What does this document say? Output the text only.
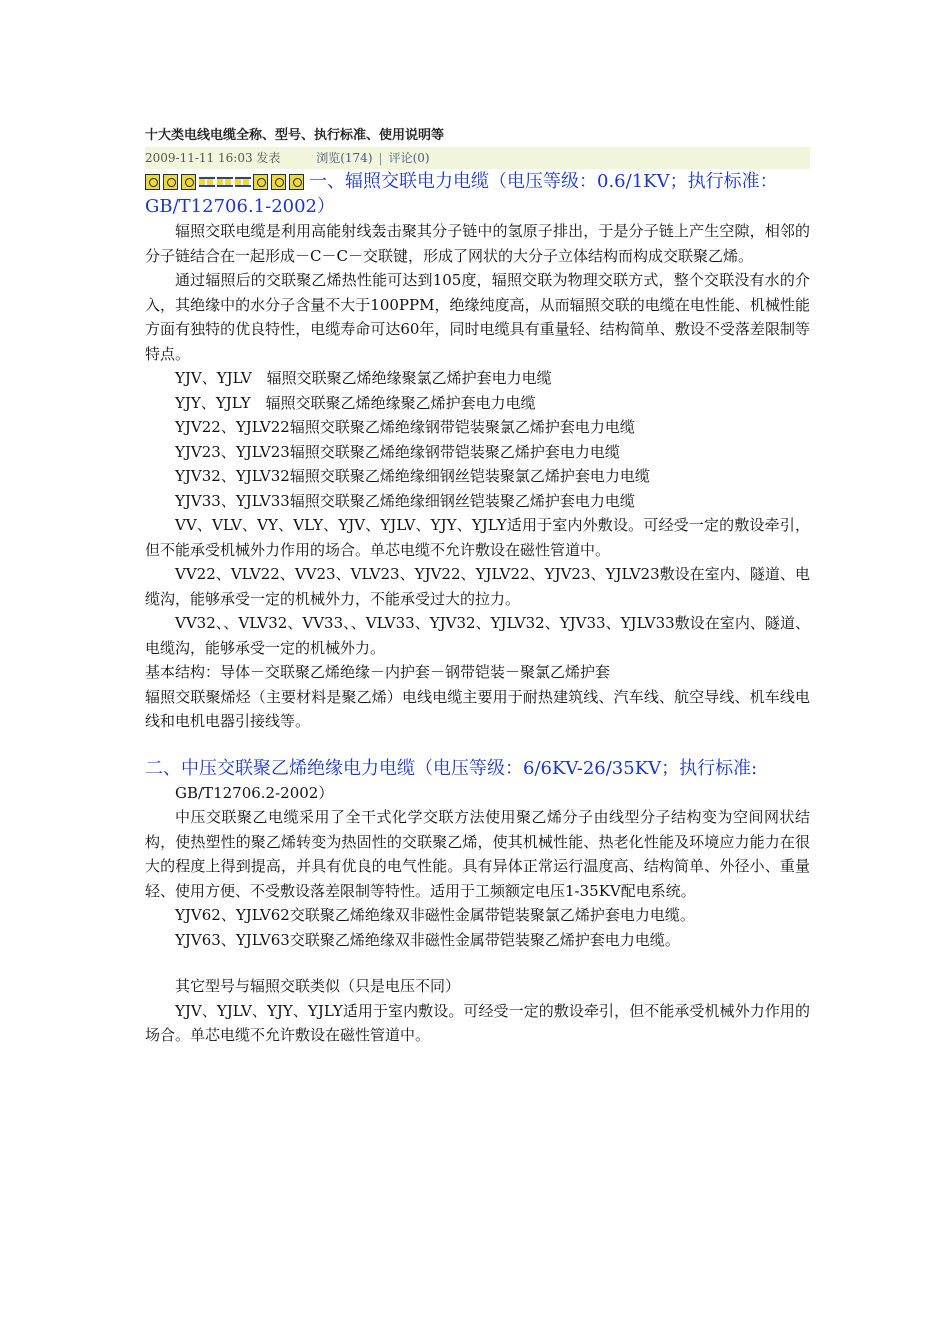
十大类电线电缆全称、型号、执行标准、使用说明等
2009-11-11 16:03 发表	浏览(174) | 评论(0)
一、辐照交联电力电缆（电压等级：0.6/1KV；执行标准：GB/T12706.1-2002）

辐照交联电缆是利用高能射线轰击聚其分子链中的氢原子排出，于是分子链上产生空隙，相邻的分子链结合在一起形成－C－C－交联键，形成了网状的大分子立体结构而构成交联聚乙烯。

通过辐照后的交联聚乙烯热性能可达到105度，辐照交联为物理交联方式，整个交联没有水的介入，其绝缘中的水分子含量不大于100PPM，绝缘纯度高，从而辐照交联的电缆在电性能、机械性能方面有独特的优良特性，电缆寿命可达60年，同时电缆具有重量轻、结构简单、敷设不受落差限制等特点。

YJV、YJLV　辐照交联聚乙烯绝缘聚氯乙烯护套电力电缆

YJY、YJLY　辐照交联聚乙烯绝缘聚乙烯护套电力电缆

YJV22、YJLV22辐照交联聚乙烯绝缘钢带铠装聚氯乙烯护套电力电缆

YJV23、YJLV23辐照交联聚乙烯绝缘钢带铠装聚乙烯护套电力电缆

YJV32、YJLV32辐照交联聚乙烯绝缘细钢丝铠装聚氯乙烯护套电力电缆

YJV33、YJLV33辐照交联聚乙烯绝缘细钢丝铠装聚乙烯护套电力电缆

VV、VLV、VY、VLY、YJV、YJLV、YJY、YJLY适用于室内外敷设。可经受一定的敷设牵引，但不能承受机械外力作用的场合。单芯电缆不允许敷设在磁性管道中。

VV22、VLV22、VV23、VLV23、YJV22、YJLV22、YJV23、YJLV23敷设在室内、隧道、电缆沟，能够承受一定的机械外力，不能承受过大的拉力。

VV32、、VLV32、VV33、、VLV33、YJV32、YJLV32、YJV33、YJLV33敷设在室内、隧道、电缆沟，能够承受一定的机械外力。

基本结构：导体－交联聚乙烯绝缘－内护套－钢带铠装－聚氯乙烯护套

辐照交联聚烯烃（主要材料是聚乙烯）电线电缆主要用于耐热建筑线、汽车线、航空导线、机车线电线和电机电器引接线等。

二、中压交联聚乙烯绝缘电力电缆（电压等级：6/6KV-26/35KV；执行标准:

GB/T12706.2-2002）

中压交联聚乙电缆采用了全干式化学交联方法使用聚乙烯分子由线型分子结构变为空间网状结构，使热塑性的聚乙烯转变为热固性的交联聚乙烯，使其机械性能、热老化性能及环境应力能力在很大的程度上得到提高，并具有优良的电气性能。具有异体正常运行温度高、结构简单、外径小、重量轻、使用方便、不受敷设落差限制等特性。适用于工频额定电压1-35KV配电系统。

YJV62、YJLV62交联聚乙烯绝缘双非磁性金属带铠装聚氯乙烯护套电力电缆。

YJV63、YJLV63交联聚乙烯绝缘双非磁性金属带铠装聚乙烯护套电力电缆。

其它型号与辐照交联类似（只是电压不同）

YJV、YJLV、YJY、YJLY适用于室内敷设。可经受一定的敷设牵引，但不能承受机械外力作用的场合。单芯电缆不允许敷设在磁性管道中。
